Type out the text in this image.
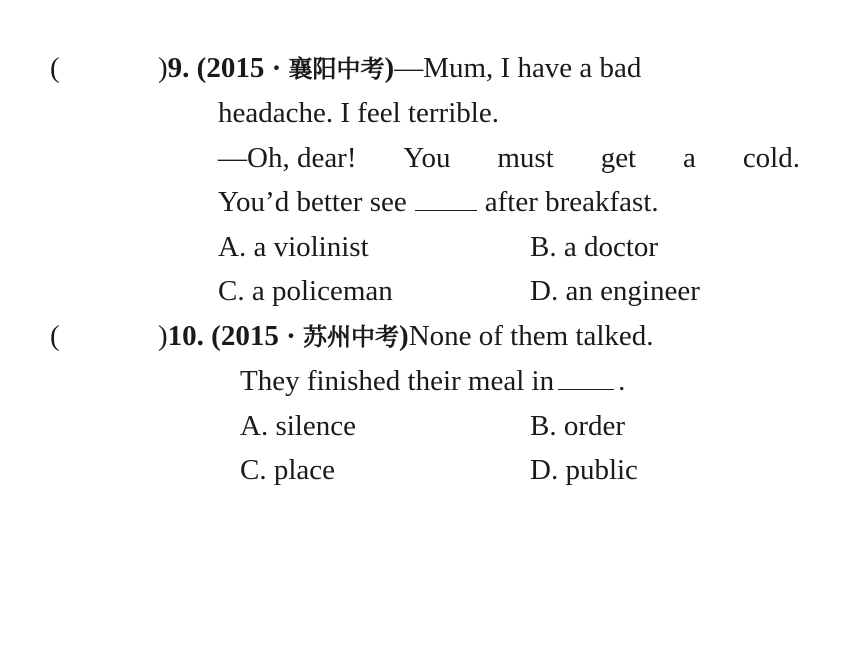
(	)9. (2015 · 襄阳中考)—Mum, I have a bad
headache. I feel terrible.
—Oh, dear! You must get a cold.
You’d better see	after breakfast.
A. a violinist	B. a doctor
C. a policeman	D. an engineer
(	)10. (2015 · 苏州中考)None of them talked.
They finished their meal in .
A. silence	B. order
C. place	D. public
